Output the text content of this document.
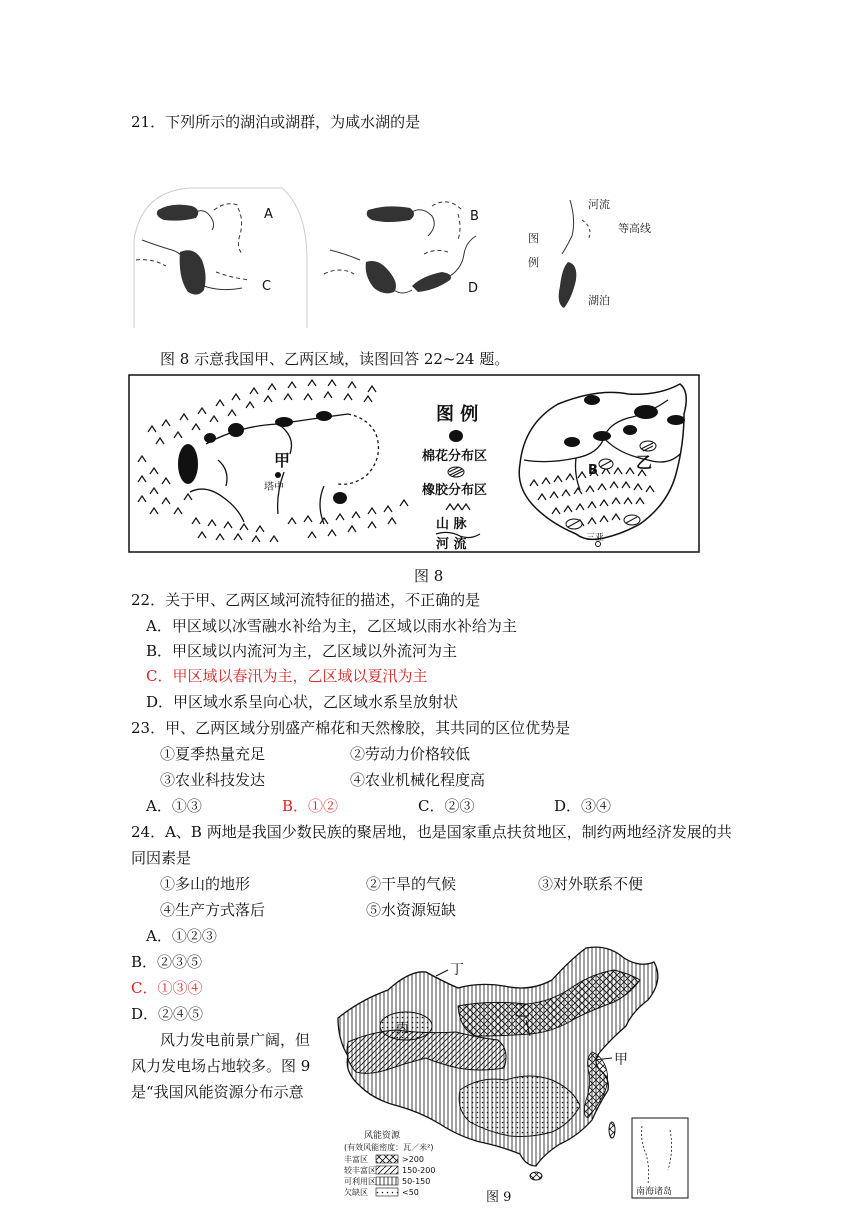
21．下列所示的湖泊或湖群，为咸水湖的是
A
C
B
D
图
例
河流
等高线
湖泊
图 8 示意我国甲、乙两区域，读图回答 22~24 题。
甲
塔中
图 例
棉花分布区
橡胶分布区
山 脉
河 流
B 乙
三亚
图 8
22．关于甲、乙两区域河流特征的描述，不正确的是
A．甲区域以冰雪融水补给为主，乙区域以雨水补给为主
B．甲区域以内流河为主，乙区域以外流河为主
C．甲区域以春汛为主，乙区域以夏汛为主
D．甲区域水系呈向心状，乙区域水系呈放射状
23．甲、乙两区域分别盛产棉花和天然橡胶，其共同的区位优势是
①夏季热量充足	②劳动力价格较低
③农业科技发达	④农业机械化程度高
A．①③	B．①②	C．②③	D．③④
24．A、B 两地是我国少数民族的聚居地，也是国家重点扶贫地区，制约两地经济发展的共
同因素是
①多山的地形	②干旱的气候	③对外联系不便
④生产方式落后	⑤水资源短缺
A．①②③
B．②③⑤
C．①③④
D．②④⑤
风力发电前景广阔，但
风力发电场占地较多。图 9
是“我国风能资源分布示意
丁
乙
丙
甲
风能资源
(有效风能密度：瓦／米²)
丰富区	>200
较丰富区	150-200
可利用区	50-150
欠缺区	<50	南海诸岛
图 9
